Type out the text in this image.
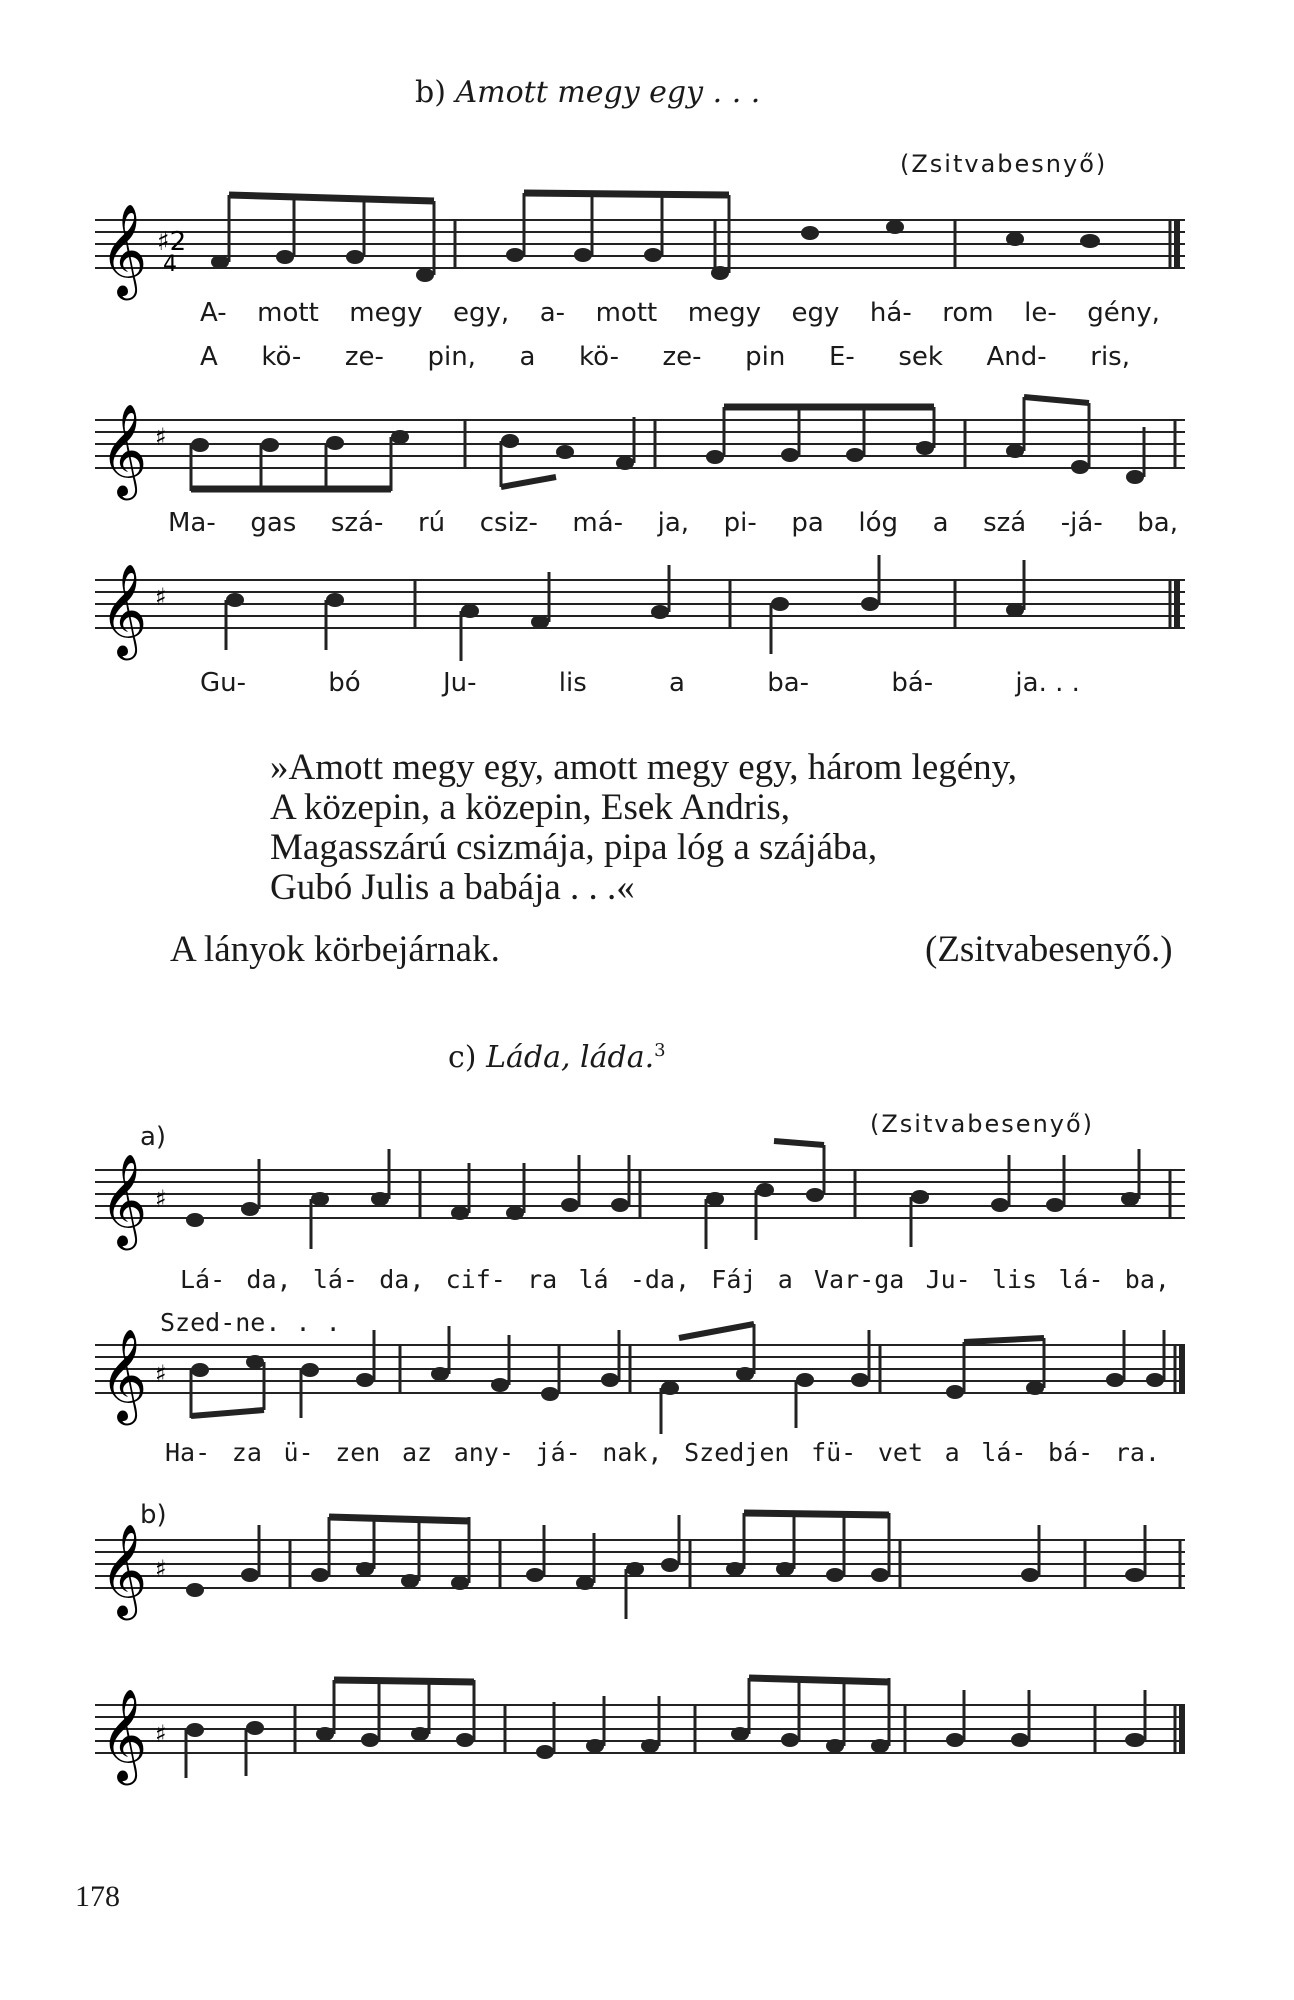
b) Amott megy egy . . .
(Zsitvabesnyő)
𝄞 ♯2
4
A- mott megy egy, a- mott megy egy há- rom le- gény,
A kö- ze- pin, a kö- ze- pin E- sek And- ris,
𝄞 ♯
Ma- gas szá- rú csiz- má- ja, pi- pa lóg a szá -já- ba,
𝄞 ♯
Gu-	bó	Ju-	lis	a	ba-	bá-	ja. . .
»Amott megy egy, amott megy egy, három legény,
A közepin, a közepin, Esek Andris,
Magasszárú csizmája, pipa lóg a szájába,
Gubó Julis a babája . . .«
A lányok körbejárnak.	(Zsitvabesenyő.)
c) Láda, láda.$^3$
(Zsitvabesenyő)
a)
𝄞 ♯
Lá- da, lá- da, cif- ra lá -da, Fáj a Var-ga Ju- lis lá- ba,
Szed-ne. . .
𝄞 ♯
Ha- za ü- zen az any- já- nak, Szedjen fü- vet a lá- bá- ra.
b)
𝄞 ♯
𝄞 ♯
178
